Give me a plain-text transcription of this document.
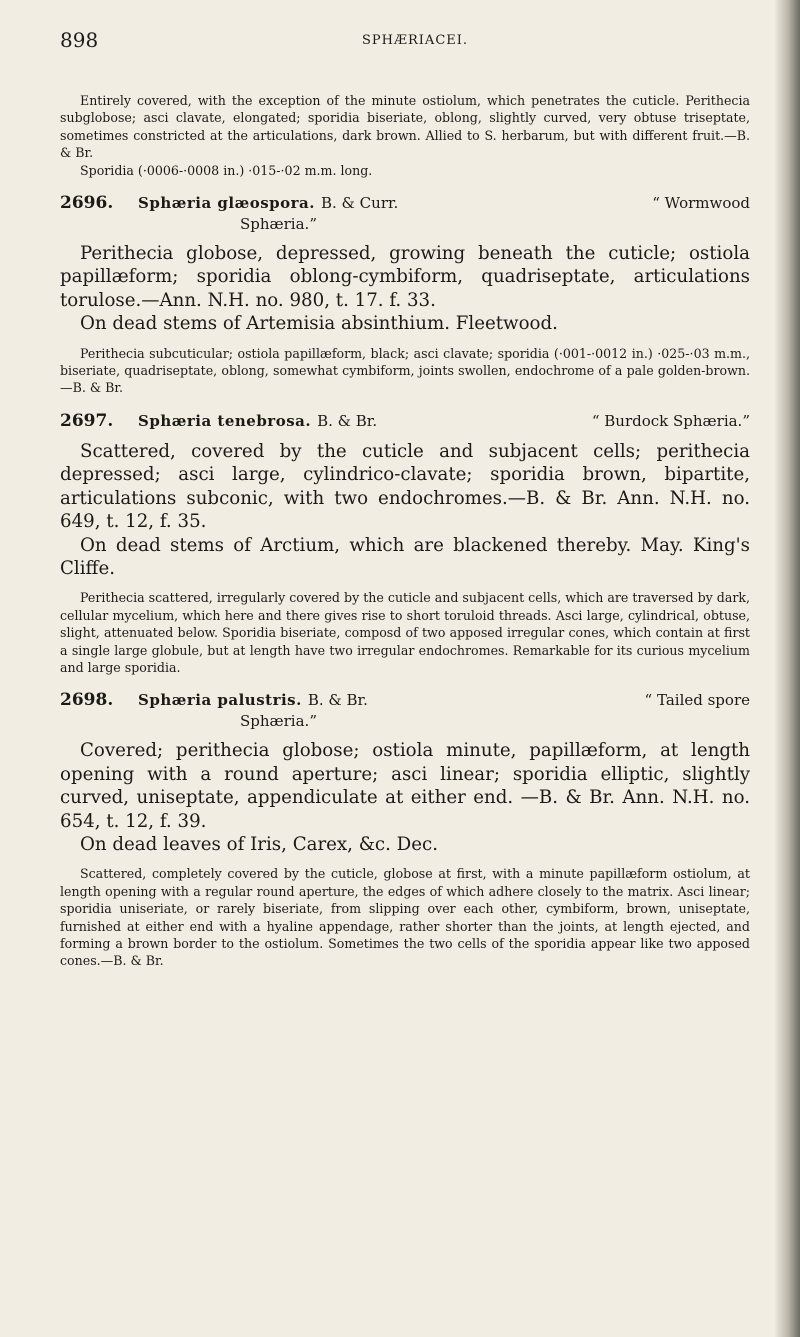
898	SPHÆRIACEI.

Entirely covered, with the exception of the minute ostiolum, which penetrates the cuticle. Perithecia subglobose; asci clavate, elongated; sporidia biseriate, oblong, slightly curved, very obtuse triseptate, sometimes constricted at the articulations, dark brown. Allied to S. herbarum, but with different fruit.—B. & Br.

Sporidia (·0006-·0008 in.) ·015-·02 m.m. long.

2696.	Sphæria glæospora. B. & Curr.	“ Wormwood
Sphæria.”

Perithecia globose, depressed, growing beneath the cuticle; ostiola papillæform; sporidia oblong-cymbiform, quadriseptate, articulations torulose.—Ann. N.H. no. 980, t. 17. f. 33.

On dead stems of Artemisia absinthium. Fleetwood.

Perithecia subcuticular; ostiola papillæform, black; asci clavate; sporidia (·001-·0012 in.) ·025-·03 m.m., biseriate, quadriseptate, oblong, somewhat cymbiform, joints swollen, endochrome of a pale golden-brown.—B. & Br.

2697.	Sphæria tenebrosa. B. & Br.	“ Burdock Sphæria.”

Scattered, covered by the cuticle and subjacent cells; perithecia depressed; asci large, cylindrico-clavate; sporidia brown, bipartite, articulations subconic, with two endochromes.—B. & Br. Ann. N.H. no. 649, t. 12, f. 35.

On dead stems of Arctium, which are blackened thereby. May. King's Cliffe.

Perithecia scattered, irregularly covered by the cuticle and subjacent cells, which are traversed by dark, cellular mycelium, which here and there gives rise to short toruloid threads. Asci large, cylindrical, obtuse, slight, attenuated below. Sporidia biseriate, composd of two apposed irregular cones, which contain at first a single large globule, but at length have two irregular endochromes. Remarkable for its curious mycelium and large sporidia.

2698.	Sphæria palustris. B. & Br.	“ Tailed spore
Sphæria.”

Covered; perithecia globose; ostiola minute, papillæform, at length opening with a round aperture; asci linear; sporidia elliptic, slightly curved, uniseptate, appendiculate at either end. —B. & Br. Ann. N.H. no. 654, t. 12, f. 39.

On dead leaves of Iris, Carex, &c. Dec.

Scattered, completely covered by the cuticle, globose at first, with a minute papillæform ostiolum, at length opening with a regular round aperture, the edges of which adhere closely to the matrix. Asci linear; sporidia uniseriate, or rarely biseriate, from slipping over each other, cymbiform, brown, uniseptate, furnished at either end with a hyaline appendage, rather shorter than the joints, at length ejected, and forming a brown border to the ostiolum. Sometimes the two cells of the sporidia appear like two apposed cones.—B. & Br.
